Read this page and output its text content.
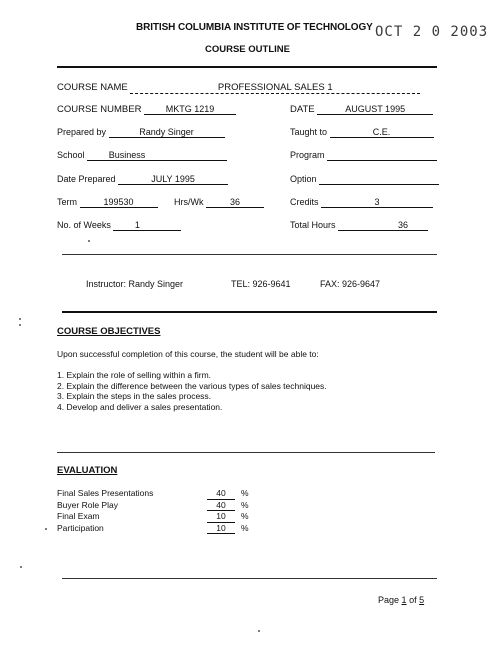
BRITISH COLUMBIA INSTITUTE OF TECHNOLOGY OCT 2 0 2003
COURSE OUTLINE
COURSE NAME	PROFESSIONAL SALES 1
COURSE NUMBER	MKTG 1219	DATE	AUGUST 1995
Prepared by	Randy Singer	Taught to	C.E.
School	Business	Program
Date Prepared	JULY 1995	Option
Term	199530	Hrs/Wk	36	Credits	3
No. of Weeks	1	Total Hours	36
Instructor: Randy Singer	TEL: 926-9641	FAX: 926-9647
COURSE OBJECTIVES
Upon successful completion of this course, the student will be able to:
1. Explain the role of selling within a firm.
2. Explain the difference between the various types of sales techniques.
3. Explain the steps in the sales process.
4. Develop and deliver a sales presentation.
EVALUATION
Final Sales Presentations	40	%
Buyer Role Play	40	%
Final Exam	10	%
Participation	10	%
Page 1 of 5
